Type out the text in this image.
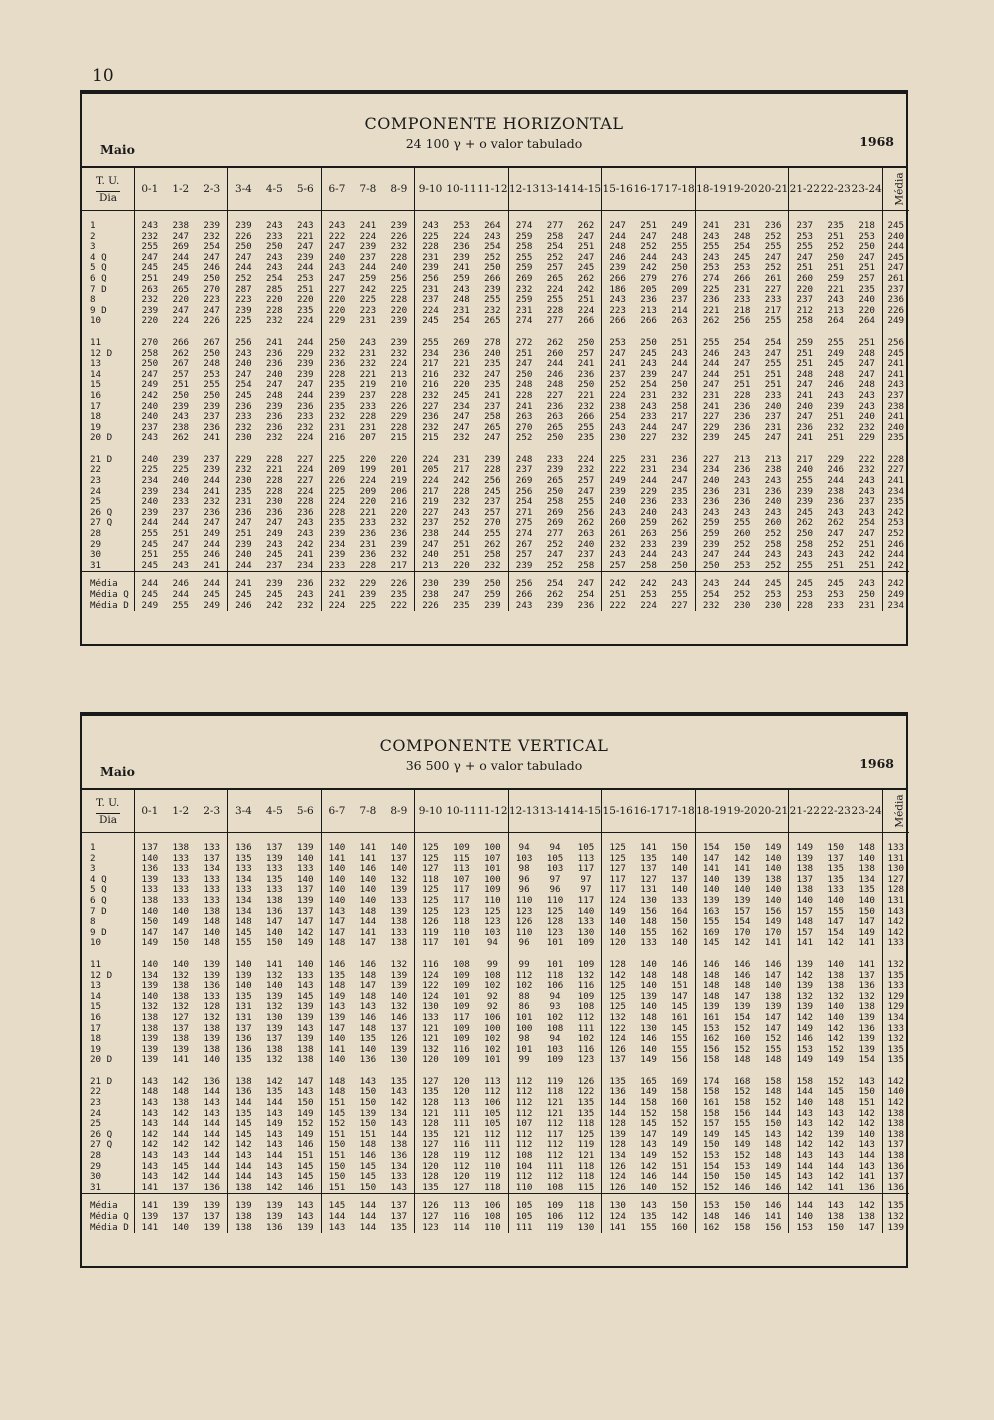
10
COMPONENTE HORIZONTAL
24 100 γ + o valor tabulado
Maio
1968
T. U.
Dia	0-1	1-2	2-3	3-4	4-5	5-6	6-7	7-8	8-9	9-10	10-11	11-12	12-13	13-14	14-15	15-16	16-17	17-18	18-19	19-20	20-21	21-22	22-23	23-24	Média
1	243	238	239	239	243	243	243	241	239	243	253	264	274	277	262	247	251	249	241	231	236	237	235	218	245
2	232	247	232	226	233	221	222	224	226	225	224	243	259	258	247	244	247	248	243	248	252	253	251	253	240
3	255	269	254	250	250	247	247	239	232	228	236	254	258	254	251	248	252	255	255	254	255	255	252	250	244
4 Q	247	244	247	247	243	239	240	237	228	231	239	252	255	252	247	246	244	243	243	245	247	247	250	247	245
5 Q	245	245	246	244	243	244	243	244	240	239	241	250	259	257	245	239	242	250	253	253	252	251	251	251	247
6 Q	251	249	250	252	254	253	247	259	256	256	259	266	269	265	262	266	279	276	274	266	261	260	259	257	261
7 D	263	265	270	287	285	251	227	242	225	231	243	239	232	224	242	186	205	209	225	231	227	220	221	235	237
8	232	220	223	223	220	220	220	225	228	237	248	255	259	255	251	243	236	237	236	233	233	237	243	240	236
9 D	239	247	247	239	228	235	220	223	220	224	231	232	231	228	224	223	213	214	221	218	217	212	213	220	226
10	220	224	226	225	232	224	229	231	239	245	254	265	274	277	266	266	266	263	262	256	255	258	264	264	249

11	270	266	267	256	241	244	250	243	239	255	269	278	272	262	250	253	250	251	255	254	254	259	255	251	256
12 D	258	262	250	243	236	229	232	231	232	234	236	240	251	260	257	247	245	243	246	243	247	251	249	248	245
13	250	267	248	240	236	239	236	232	224	217	221	235	247	244	241	241	243	244	244	247	255	251	245	247	241
14	247	257	253	247	240	239	228	221	213	216	232	247	250	246	236	237	239	247	244	251	251	248	248	247	241
15	249	251	255	254	247	247	235	219	210	216	220	235	248	248	250	252	254	250	247	251	251	247	246	248	243
16	242	250	250	245	248	244	239	237	228	232	245	241	228	227	221	224	231	232	231	228	233	241	243	243	237
17	240	239	239	236	239	236	235	233	226	227	234	237	241	236	232	238	243	258	241	236	240	240	239	243	238
18	240	243	237	233	236	233	232	228	229	236	247	258	263	263	266	254	233	217	227	236	237	247	251	240	241
19	237	238	236	232	236	232	231	231	228	232	247	265	270	265	255	243	244	247	229	236	231	236	232	232	240
20 D	243	262	241	230	232	224	216	207	215	215	232	247	252	250	235	230	227	232	239	245	247	241	251	229	235

21 D	240	239	237	229	228	227	225	220	220	224	231	239	248	233	224	225	231	236	227	213	213	217	229	222	228
22	225	225	239	232	221	224	209	199	201	205	217	228	237	239	232	222	231	234	234	236	238	240	246	232	227
23	234	240	244	230	228	227	226	224	219	224	242	256	269	265	257	249	244	247	240	243	243	255	244	243	241
24	239	234	241	235	228	224	225	209	206	217	228	245	256	250	247	239	229	235	236	231	236	239	238	243	234
25	240	233	232	231	230	228	224	220	216	219	232	237	254	258	255	240	236	233	236	236	240	239	236	237	235
26 Q	239	237	236	236	236	236	228	221	220	227	243	257	271	269	256	243	240	243	243	243	243	245	243	243	242
27 Q	244	244	247	247	247	243	235	233	232	237	252	270	275	269	262	260	259	262	259	255	260	262	262	254	253
28	255	251	249	251	249	243	239	236	236	238	244	255	274	277	263	261	263	256	259	260	252	250	247	247	252
29	245	247	244	239	243	242	234	231	239	247	251	262	267	252	240	232	233	239	239	252	258	258	252	251	246
30	251	255	246	240	245	241	239	236	232	240	251	258	257	247	237	243	244	243	247	244	243	243	243	242	244
31	245	243	241	244	237	234	233	228	217	213	220	232	239	252	258	257	258	250	250	253	252	255	251	251	242
Média	244	246	244	241	239	236	232	229	226	230	239	250	256	254	247	242	242	243	243	244	245	245	245	243	242
Média Q	245	244	245	245	245	243	241	239	235	238	247	259	266	262	254	251	253	255	254	252	253	253	253	250	249
Média D	249	255	249	246	242	232	224	225	222	226	235	239	243	239	236	222	224	227	232	230	230	228	233	231	234
COMPONENTE VERTICAL
36 500 γ + o valor tabulado
Maio
1968
T. U.
Dia	0-1	1-2	2-3	3-4	4-5	5-6	6-7	7-8	8-9	9-10	10-11	11-12	12-13	13-14	14-15	15-16	16-17	17-18	18-19	19-20	20-21	21-22	22-23	23-24	Média
1	137	138	133	136	137	139	140	141	140	125	109	100	94	94	105	125	141	150	154	150	149	149	150	148	133
2	140	133	137	135	139	140	141	141	137	125	115	107	103	105	113	125	135	140	147	142	140	139	137	140	131
3	136	133	134	133	133	133	140	146	140	127	113	101	98	103	117	127	137	140	141	141	140	138	135	138	130
4 Q	139	133	133	134	135	140	140	140	132	118	107	100	96	97	97	117	127	137	140	139	138	137	135	134	127
5 Q	133	133	133	133	133	137	140	140	139	125	117	109	96	96	97	117	131	140	140	140	140	138	133	135	128
6 Q	138	133	133	134	138	139	140	140	133	125	117	110	110	110	117	124	130	133	139	139	140	140	140	140	131
7 D	140	140	138	134	136	137	143	148	139	125	123	125	123	125	140	149	156	164	163	157	156	157	155	150	143
8	150	149	148	148	147	147	147	144	138	126	118	123	126	128	133	140	148	150	155	154	149	148	147	147	142
9 D	147	147	140	145	140	142	147	141	133	119	110	103	110	123	130	140	155	162	169	170	170	157	154	149	142
10	149	150	148	155	150	149	148	147	138	117	101	94	96	101	109	120	133	140	145	142	141	141	142	141	133

11	140	140	139	140	141	140	146	146	132	116	108	99	99	101	109	128	140	146	146	146	146	139	140	141	132
12 D	134	132	139	139	132	133	135	148	139	124	109	108	112	118	132	142	148	148	148	146	147	142	138	137	135
13	139	138	136	140	140	143	148	147	139	122	109	102	102	106	116	125	140	151	148	148	140	139	138	136	133
14	140	138	133	135	139	145	149	148	140	124	101	92	88	94	109	125	139	147	148	147	138	132	132	132	129
15	132	132	128	131	132	139	143	143	132	130	109	92	86	93	108	125	140	145	139	139	139	139	140	138	129
16	138	127	132	131	130	139	139	146	146	133	117	106	101	102	112	132	148	161	161	154	147	142	140	139	134
17	138	137	138	137	139	143	147	148	137	121	109	100	100	108	111	122	130	145	153	152	147	149	142	136	133
18	139	138	139	136	137	139	140	135	126	121	109	102	98	94	102	124	146	155	162	160	152	146	142	139	132
19	139	139	138	136	138	138	141	140	139	132	116	102	101	103	116	126	140	155	156	152	155	153	152	139	135
20 D	139	141	140	135	132	138	140	136	130	120	109	101	99	109	123	137	149	156	158	148	148	149	149	154	135

21 D	143	142	136	138	142	147	148	143	135	127	120	113	112	119	126	135	165	169	174	168	158	158	152	143	142
22	148	148	144	136	135	143	148	150	143	135	120	112	112	118	122	136	149	158	158	152	148	144	145	150	140
23	143	138	143	144	144	150	151	150	142	128	113	106	112	121	135	144	158	160	161	158	152	140	148	151	142
24	143	142	143	135	143	149	145	139	134	121	111	105	112	121	135	144	152	158	158	156	144	143	143	142	138
25	143	144	144	145	149	152	152	150	143	128	111	105	107	112	118	128	145	152	157	155	150	143	142	142	138
26 Q	142	144	144	145	143	149	151	151	144	135	121	112	112	117	125	139	147	149	149	145	143	142	139	140	138
27 Q	142	142	142	142	143	146	150	148	138	127	116	111	112	112	119	128	143	149	150	149	148	142	142	143	137
28	143	143	144	143	144	151	151	146	136	128	119	112	108	112	121	134	149	152	153	152	148	143	143	144	138
29	143	145	144	144	143	145	150	145	134	120	112	110	104	111	118	126	142	151	154	153	149	144	144	143	136
30	143	142	144	144	143	145	150	145	133	128	120	119	112	112	118	124	146	144	150	150	145	143	142	141	137
31	141	137	136	138	142	146	151	150	143	135	127	118	110	108	115	126	140	152	152	146	146	142	141	136	136
Média	141	139	139	139	139	143	145	144	137	126	113	106	105	109	118	130	143	150	153	150	146	144	143	142	135
Média Q	139	137	137	138	139	143	144	144	137	127	116	108	105	106	112	124	135	142	148	146	141	140	138	138	132
Média D	141	140	139	138	136	139	143	144	135	123	114	110	111	119	130	141	155	160	162	158	156	153	150	147	139
